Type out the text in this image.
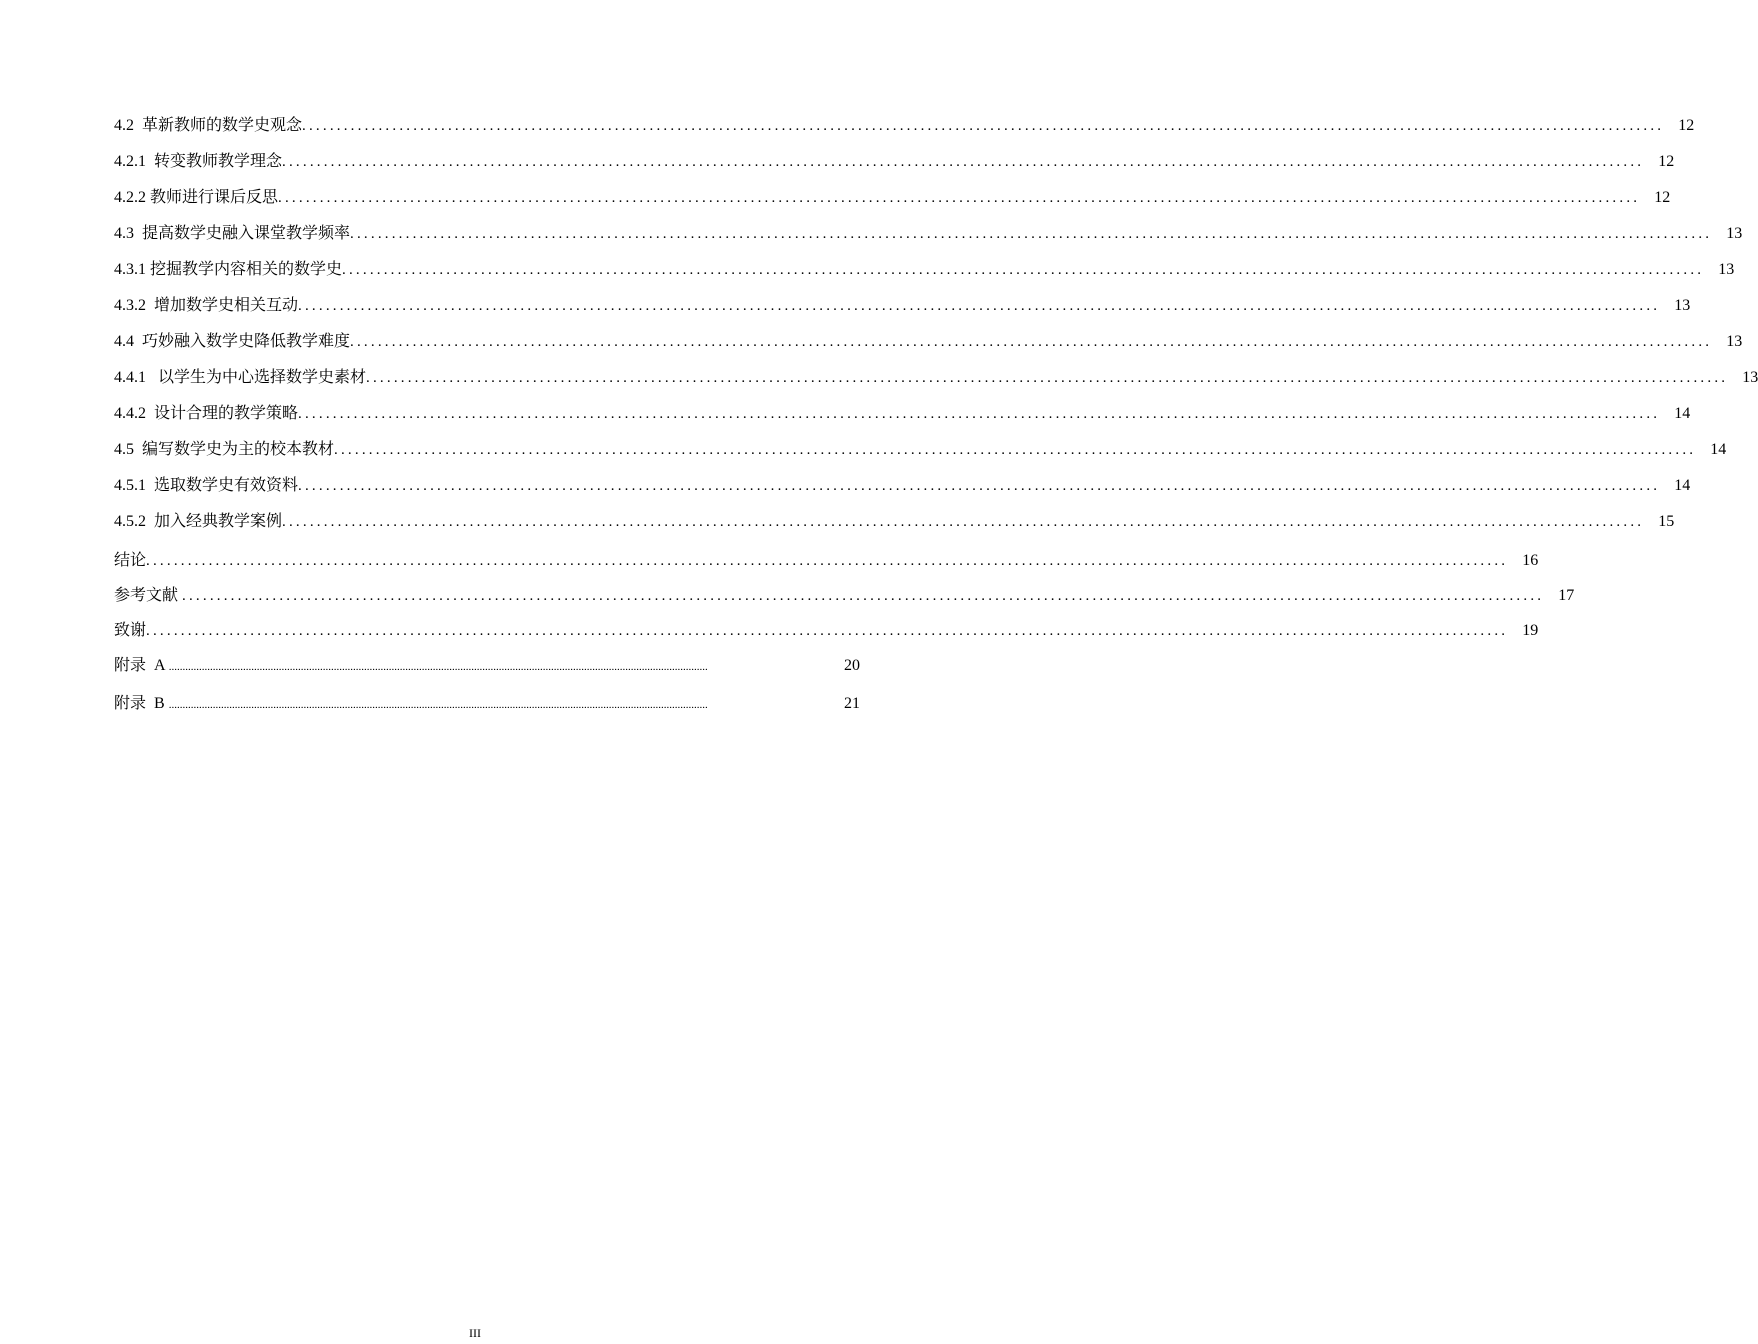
4.2  革新教师的数学史观念 .................................................................................................................................................................................................... 12
4.2.1  转变教师教学理念 .................................................................................................................................................................................................... 12
4.2.2 教师进行课后反思 .................................................................................................................................................................................................... 12
4.3  提高数学史融入课堂教学频率 .................................................................................................................................................................................................... 13
4.3.1 挖掘教学内容相关的数学史 .................................................................................................................................................................................................... 13
4.3.2  增加数学史相关互动 .................................................................................................................................................................................................... 13
4.4  巧妙融入数学史降低教学难度 .................................................................................................................................................................................................... 13
4.4.1   以学生为中心选择数学史素材 .................................................................................................................................................................................................... 13
4.4.2  设计合理的教学策略 .................................................................................................................................................................................................... 14
4.5  编写数学史为主的校本教材 .................................................................................................................................................................................................... 14
4.5.1  选取数学史有效资料 .................................................................................................................................................................................................... 14
4.5.2  加入经典教学案例 .................................................................................................................................................................................................... 15
结论 .................................................................................................................................................................................................... 16
参考文献 .................................................................................................................................................................................................... 17
致谢 .................................................................................................................................................................................................... 19
附录  A ....................................................................................................................................................................................................	20
附录  B ....................................................................................................................................................................................................	21
III
